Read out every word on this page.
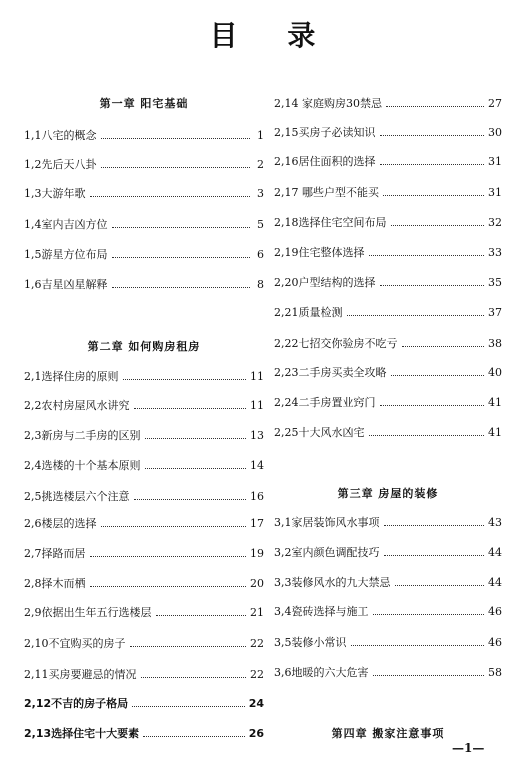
目 录
第一章 阳宅基础
1,1八宅的概念	1
1,2先后天八卦	2
1,3大游年歌	3
1,4室内吉凶方位	5
1,5游星方位布局	6
1,6吉星凶星解释	8
第二章 如何购房租房
2,1选择住房的原则	11
2,2农村房屋风水讲究	11
2,3新房与二手房的区别	13
2,4选楼的十个基本原则	14
2,5挑选楼层六个注意	16
2,6楼层的选择	17
2,7择路而居	19
2,8择木而栖	20
2,9依据出生年五行选楼层	21
2,10不宜购买的房子	22
2,11买房要避忌的情况	22
2,12不吉的房子格局	24
2,13选择住宅十大要素	26
2,14 家庭购房30禁忌	27
2,15买房子必读知识	30
2,16居住面积的选择	31
2,17 哪些户型不能买	31
2,18选择住宅空间布局	32
2,19住宅整体选择	33
2,20户型结构的选择	35
2,21质量检测	37
2,22七招交你验房不吃亏	38
2,23二手房买卖全攻略	40
2,24二手房置业窍门	41
2,25十大风水凶宅	41
第三章 房屋的装修
3,1家居装饰风水事项	43
3,2室内颜色调配技巧	44
3,3装修风水的九大禁忌	44
3,4瓷砖选择与施工	46
3,5装修小常识	46
3,6地暖的六大危害	58
第四章 搬家注意事项
—1—
